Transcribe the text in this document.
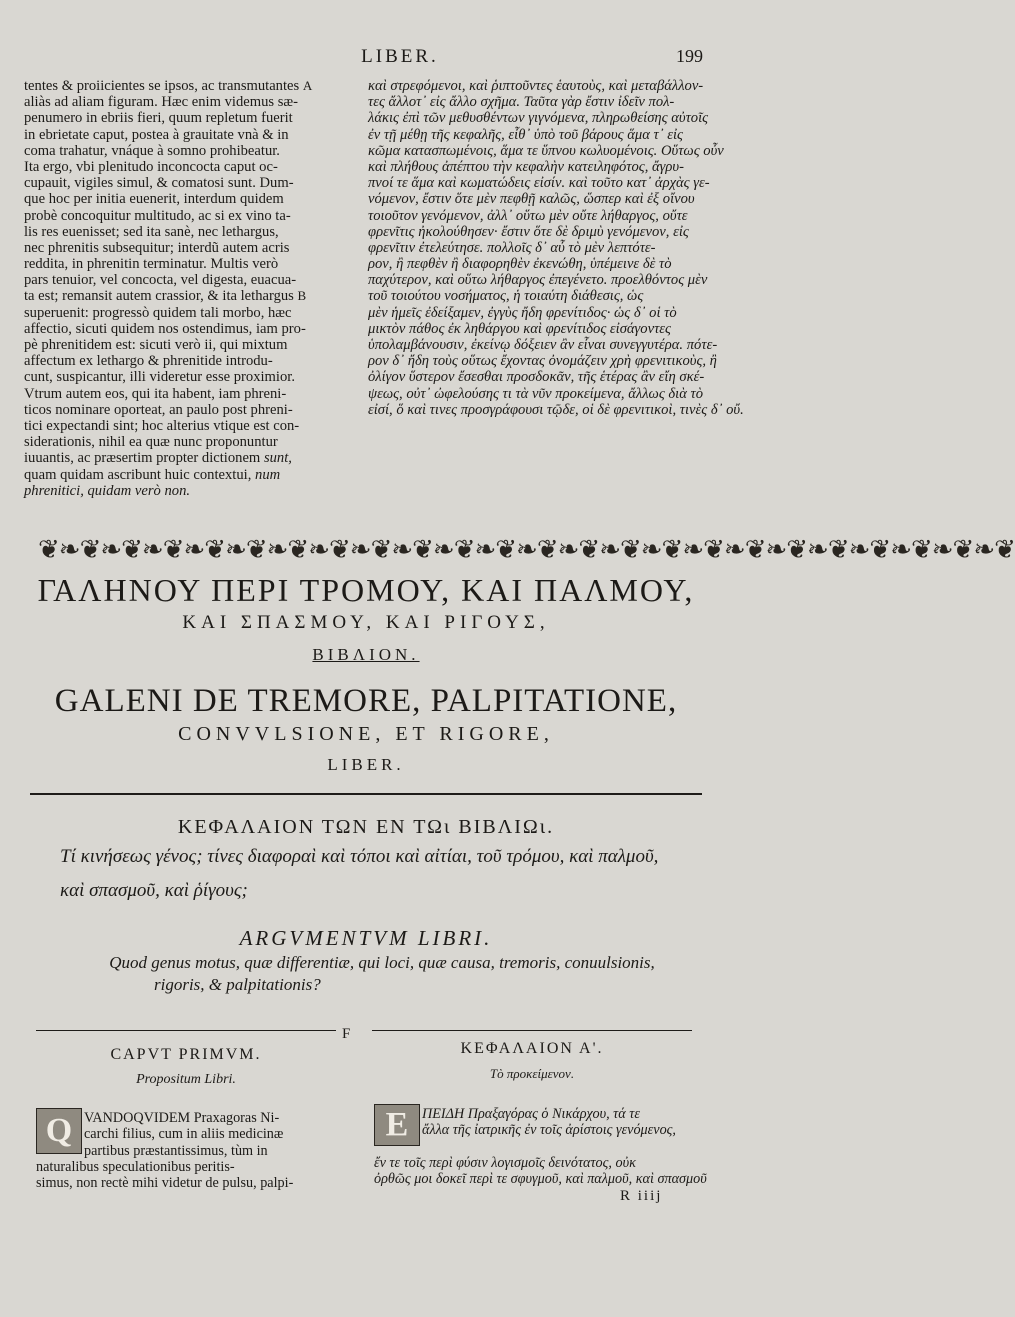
LIBER.	199
tentes & proiicientes se ipsos, ac transmutantes A
aliàs ad aliam figuram. Hæc enim videmus sæ-
penumero in ebriis fieri, quum repletum fuerit
in ebrietate caput, postea à grauitate vnà & in
coma trahatur, vnáque à somno prohibeatur.
Ita ergo, vbi plenitudo inconcocta caput oc-
cupauit, vigiles simul, & comatosi sunt. Dum-
que hoc per initia euenerit, interdum quidem
probè concoquitur multitudo, ac si ex vino ta-
lis res euenisset; sed ita sanè, nec lethargus,
nec phrenitis subsequitur; interdũ autem acris
reddita, in phrenitin terminatur. Multis verò
pars tenuior, vel concocta, vel digesta, euacua-
ta est; remansit autem crassior, & ita lethargus B
superuenit: progressò quidem tali morbo, hæc
affectio, sicuti quidem nos ostendimus, iam pro-
pè phrenitidem est: sicuti verò ii, qui mixtum
affectum ex lethargo & phrenitide introdu-
cunt, suspicantur, illi videretur esse proximior.
Vtrum autem eos, qui ita habent, iam phreni-
ticos nominare oporteat, an paulo post phreni-
tici expectandi sint; hoc alterius vtique est con-
siderationis, nihil ea quæ nunc proponuntur
iuuantis, ac præsertim propter dictionem sunt,
quam quidam ascribunt huic contextui, num
phrenitici, quidam verò non.
καὶ στρεφόμενοι, καὶ ῥιπτοῦντες ἑαυτοὺς, καὶ μεταβάλλον-
τες ἄλλοτ᾽ εἰς ἄλλο σχῆμα. Ταῦτα γὰρ ἔστιν ἰδεῖν πολ-
λάκις ἐπὶ τῶν μεθυσθέντων γιγνόμενα, πληρωθείσης αὐτοῖς
ἐν τῇ μέθῃ τῆς κεφαλῆς, εἶθ᾽ ὑπὸ τοῦ βάρους ἅμα τ᾽ εἰς
κῶμα κατασπωμένοις, ἅμα τε ὕπνου κωλυομένοις. Οὕτως οὖν
καὶ πλήθους ἀπέπτου τὴν κεφαλὴν κατειληφότος, ἄγρυ-
πνοί τε ἅμα καὶ κωματώδεις εἰσίν. καὶ τοῦτο κατ᾽ ἀρχὰς γε-
νόμενον, ἔστιν ὅτε μὲν πεφθῇ καλῶς, ὥσπερ καὶ ἐξ οἴνου
τοιοῦτον γενόμενον, ἀλλ᾽ οὕτω μὲν οὔτε λήθαργος, οὔτε
φρενῖτις ἠκολούθησεν· ἔστιν ὅτε δὲ δριμὺ γενόμενον, εἰς
φρενῖτιν ἐτελεύτησε. πολλοῖς δ᾽ αὖ τὸ μὲν λεπτότε-
ρον, ἢ πεφθὲν ἢ διαφορηθὲν ἐκενώθη, ὑπέμεινε δὲ τὸ
παχύτερον, καὶ οὕτω λήθαργος ἐπεγένετο. προελθόντος μὲν
τοῦ τοιούτου νοσήματος, ἡ τοιαύτη διάθεσις, ὡς
μὲν ἡμεῖς ἐδείξαμεν, ἐγγὺς ἤδη φρενίτιδος· ὡς δ᾽ οἱ τὸ
μικτὸν πάθος ἐκ ληθάργου καὶ φρενίτιδος εἰσάγοντες
ὑπολαμβάνουσιν, ἐκείνῳ δόξειεν ἂν εἶναι συνεγγυτέρα. πότε-
ρον δ᾽ ἤδη τοὺς οὕτως ἔχοντας ὀνομάζειν χρὴ φρενιτικοὺς, ἢ
ὀλίγον ὕστερον ἔσεσθαι προσδοκᾶν, τῆς ἑτέρας ἂν εἴη σκέ-
ψεως, οὐτ᾽ ὠφελούσης τι τὰ νῦν προκείμενα, ἄλλως διὰ τὸ
εἰσί, ὅ καὶ τινες προσγράφουσι τῷδε, οἱ δὲ φρενιτικοὶ, τινὲς δ᾽ οὔ.
❦❧❦❧❦❧❦❧❦❧❦❧❦❧❦❧❦❧❦❧❦❧❦❧❦❧❦❧❦❧❦❧❦❧❦❧❦❧❦❧❦❧❦❧❦❧❦
ΓΑΛΗΝΟΥ ΠΕΡΙ ΤΡΟΜΟΥ, ΚΑΙ ΠΑΛΜΟΥ,
ΚΑΙ ΣΠΑΣΜΟΥ, ΚΑΙ ΡΙΓΟΥΣ,
ΒΙΒΛΙΟΝ.
GALENI DE TREMORE, PALPITATIONE,
CONVVLSIONE, ET RIGORE,
LIBER.
ΚΕΦΑΛΑΙΟΝ ΤΩΝ ΕΝ ΤΩι ΒΙΒΛΙΩι.
Τί κινήσεως γένος; τίνες διαφοραὶ καὶ τόποι καὶ αἰτίαι, τοῦ τρόμου, καὶ παλμοῦ,
καὶ σπασμοῦ, καὶ ῥίγους;
ARGVMENTVM LIBRI.
Quod genus motus, quæ differentiæ, qui loci, quæ causa, tremoris, conuulsionis,
rigoris, & palpitationis?
F
CAPVT PRIMVM.
Propositum Libri.
Q VANDOQVIDEM Praxagoras Ni-
carchi filius, cum in aliis medicinæ
partibus præstantissimus, tùm in
naturalibus speculationibus peritis-
simus, non rectè mihi videtur de pulsu, palpi-
ΚΕΦΑΛΑΙΟΝ Α'.
Τὸ προκείμενον.
Ε ΠΕΙΔΗ Πραξαγόρας ὁ Νικάρχου, τά τε
ἄλλα τῆς ἰατρικῆς ἐν τοῖς ἀρίστοις γενόμενος,
ἔν τε τοῖς περὶ φύσιν λογισμοῖς δεινότατος, οὐκ
ὀρθῶς μοι δοκεῖ περὶ τε σφυγμοῦ, καὶ παλμοῦ, καὶ σπασμοῦ
R iiij
